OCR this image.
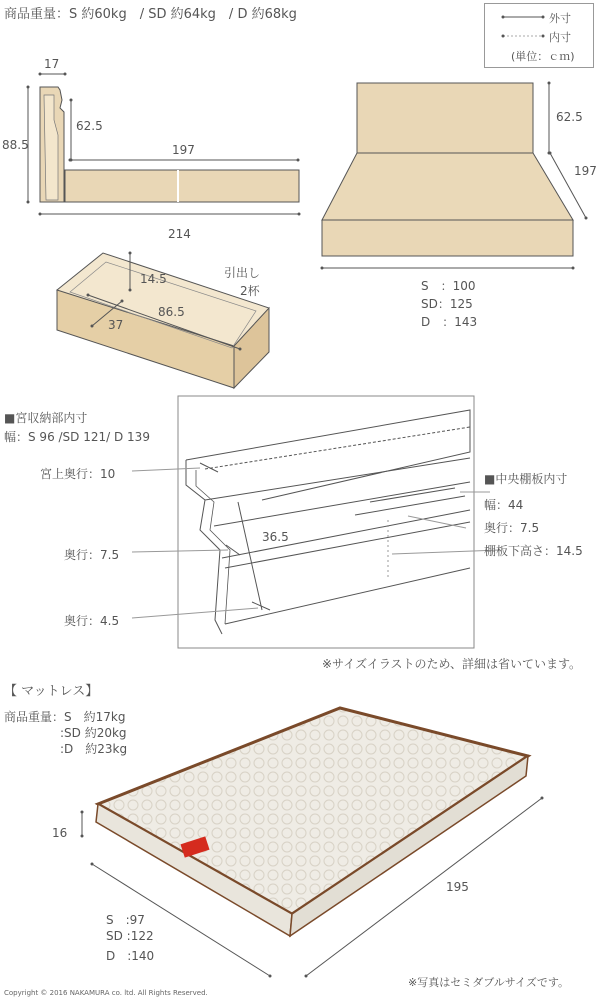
商品重量：S 約60kg　/ SD 約64kg　/ D 約68kg	外寸
内寸
(単位：ｃｍ)
17
88.5
62.5
197
214
62.5
197
S　：100
SD：125
D　：143
引出し
2杯
14.5
86.5
37
■宮収納部内寸
幅：S 96 /SD 121/ D 139
宮上奥行：10
奥行：7.5
奥行：4.5
36.5
■中央棚板内寸
幅：44
奥行：7.5
棚板下高さ：14.5
※サイズイラストのため、詳細は省いています。
【 マットレス】
商品重量：S　約17kg
:SD 約20kg
:D　約23kg
16
195
S　:97
SD :122
D　:140
※写真はセミダブルサイズです。
Copyright © 2016 NAKAMURA co. ltd. All Rights Reserved.
